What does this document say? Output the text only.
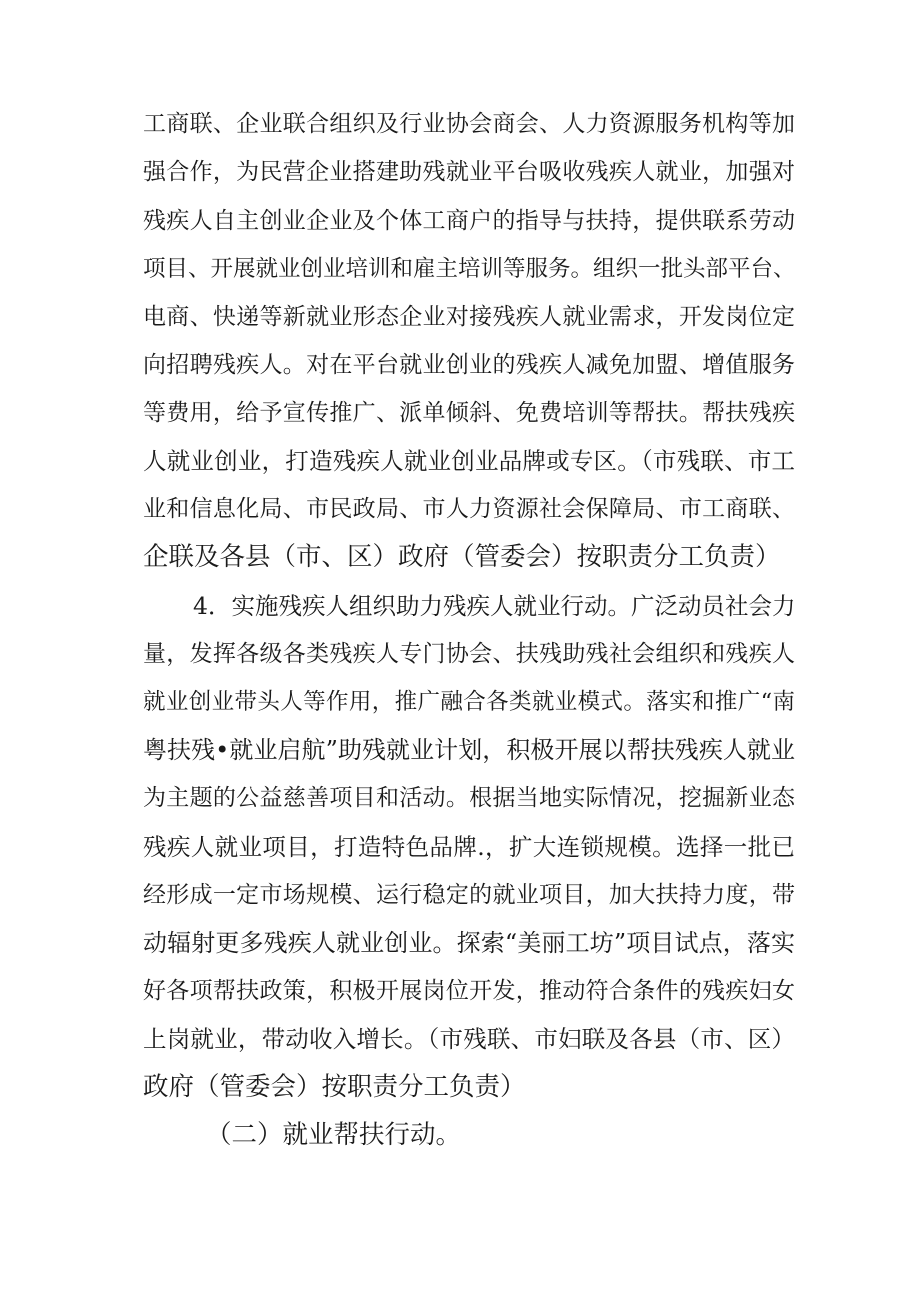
工商联、企业联合组织及行业协会商会、人力资源服务机构等加
强合作，为民营企业搭建助残就业平台吸收残疾人就业，加强对
残疾人自主创业企业及个体工商户的指导与扶持，提供联系劳动
项目、开展就业创业培训和雇主培训等服务。组织一批头部平台、
电商、快递等新就业形态企业对接残疾人就业需求，开发岗位定
向招聘残疾人。对在平台就业创业的残疾人减免加盟、增值服务
等费用，给予宣传推广、派单倾斜、免费培训等帮扶。帮扶残疾
人就业创业，打造残疾人就业创业品牌或专区。（市残联、市工
业和信息化局、市民政局、市人力资源社会保障局、市工商联、
企联及各县（市、区）政府（管委会）按职责分工负责）
4．实施残疾人组织助力残疾人就业行动。广泛动员社会力
量，发挥各级各类残疾人专门协会、扶残助残社会组织和残疾人
就业创业带头人等作用，推广融合各类就业模式。落实和推广“南
粤扶残•就业启航”助残就业计划，积极开展以帮扶残疾人就业
为主题的公益慈善项目和活动。根据当地实际情况，挖掘新业态
残疾人就业项目，打造特色品牌.，扩大连锁规模。选择一批已
经形成一定市场规模、运行稳定的就业项目，加大扶持力度，带
动辐射更多残疾人就业创业。探索“美丽工坊”项目试点，落实
好各项帮扶政策，积极开展岗位开发，推动符合条件的残疾妇女
上岗就业，带动收入增长。（市残联、市妇联及各县（市、区）
政府（管委会）按职责分工负责）
（二）就业帮扶行动。
